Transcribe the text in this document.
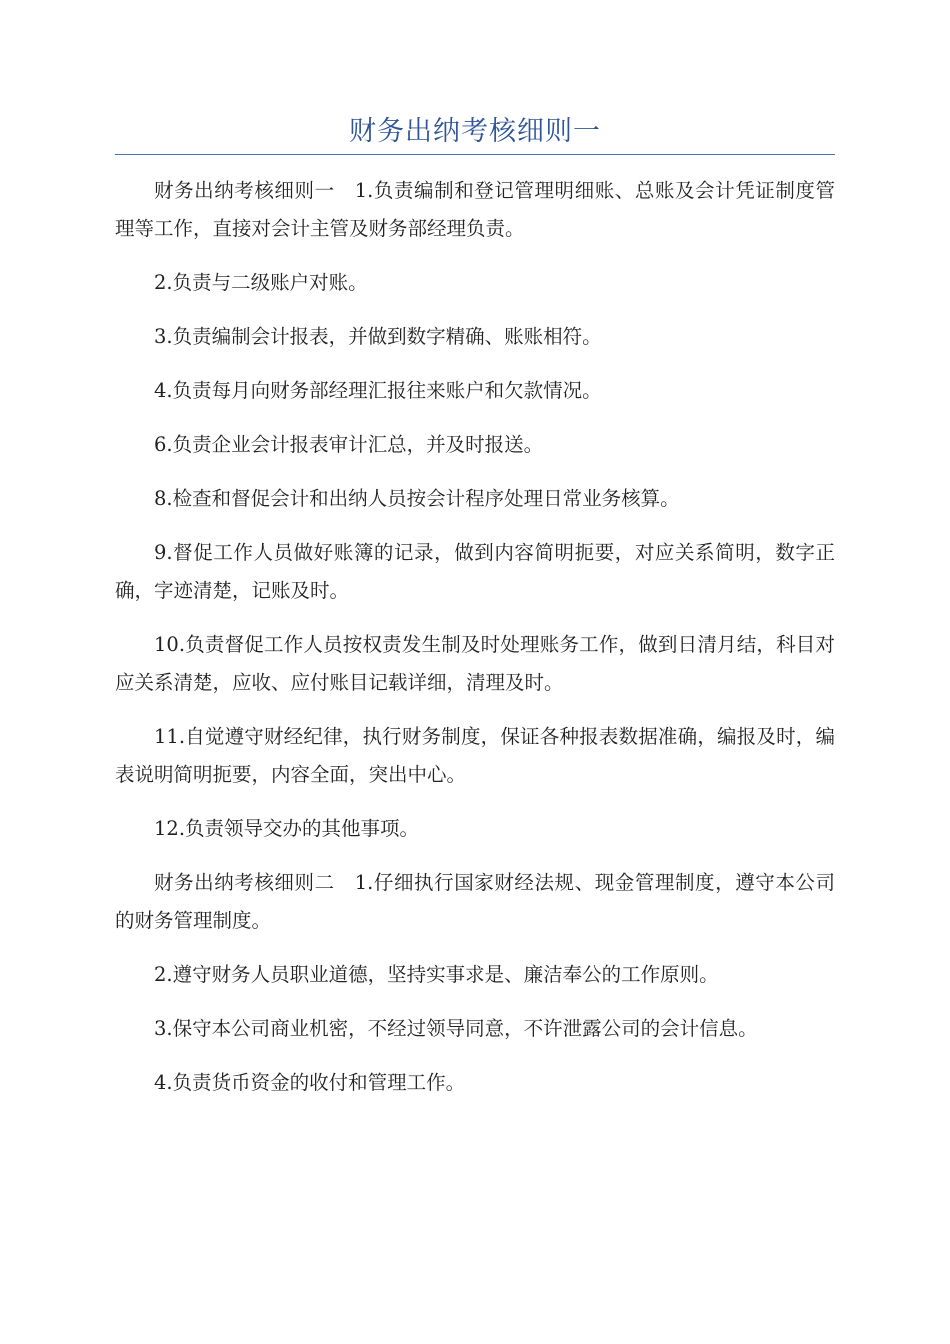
财务出纳考核细则一

财务出纳考核细则一　1.负责编制和登记管理明细账、总账及会计凭证制度管理等工作，直接对会计主管及财务部经理负责。

2.负责与二级账户对账。

3.负责编制会计报表，并做到数字精确、账账相符。

4.负责每月向财务部经理汇报往来账户和欠款情况。

6.负责企业会计报表审计汇总，并及时报送。

8.检查和督促会计和出纳人员按会计程序处理日常业务核算。

9.督促工作人员做好账簿的记录，做到内容简明扼要，对应关系简明，数字正确，字迹清楚，记账及时。

10.负责督促工作人员按权责发生制及时处理账务工作，做到日清月结，科目对应关系清楚，应收、应付账目记载详细，清理及时。

11.自觉遵守财经纪律，执行财务制度，保证各种报表数据准确，编报及时，编表说明简明扼要，内容全面，突出中心。

12.负责领导交办的其他事项。

财务出纳考核细则二　1.仔细执行国家财经法规、现金管理制度，遵守本公司的财务管理制度。

2.遵守财务人员职业道德，坚持实事求是、廉洁奉公的工作原则。

3.保守本公司商业机密，不经过领导同意，不许泄露公司的会计信息。

4.负责货币资金的收付和管理工作。
